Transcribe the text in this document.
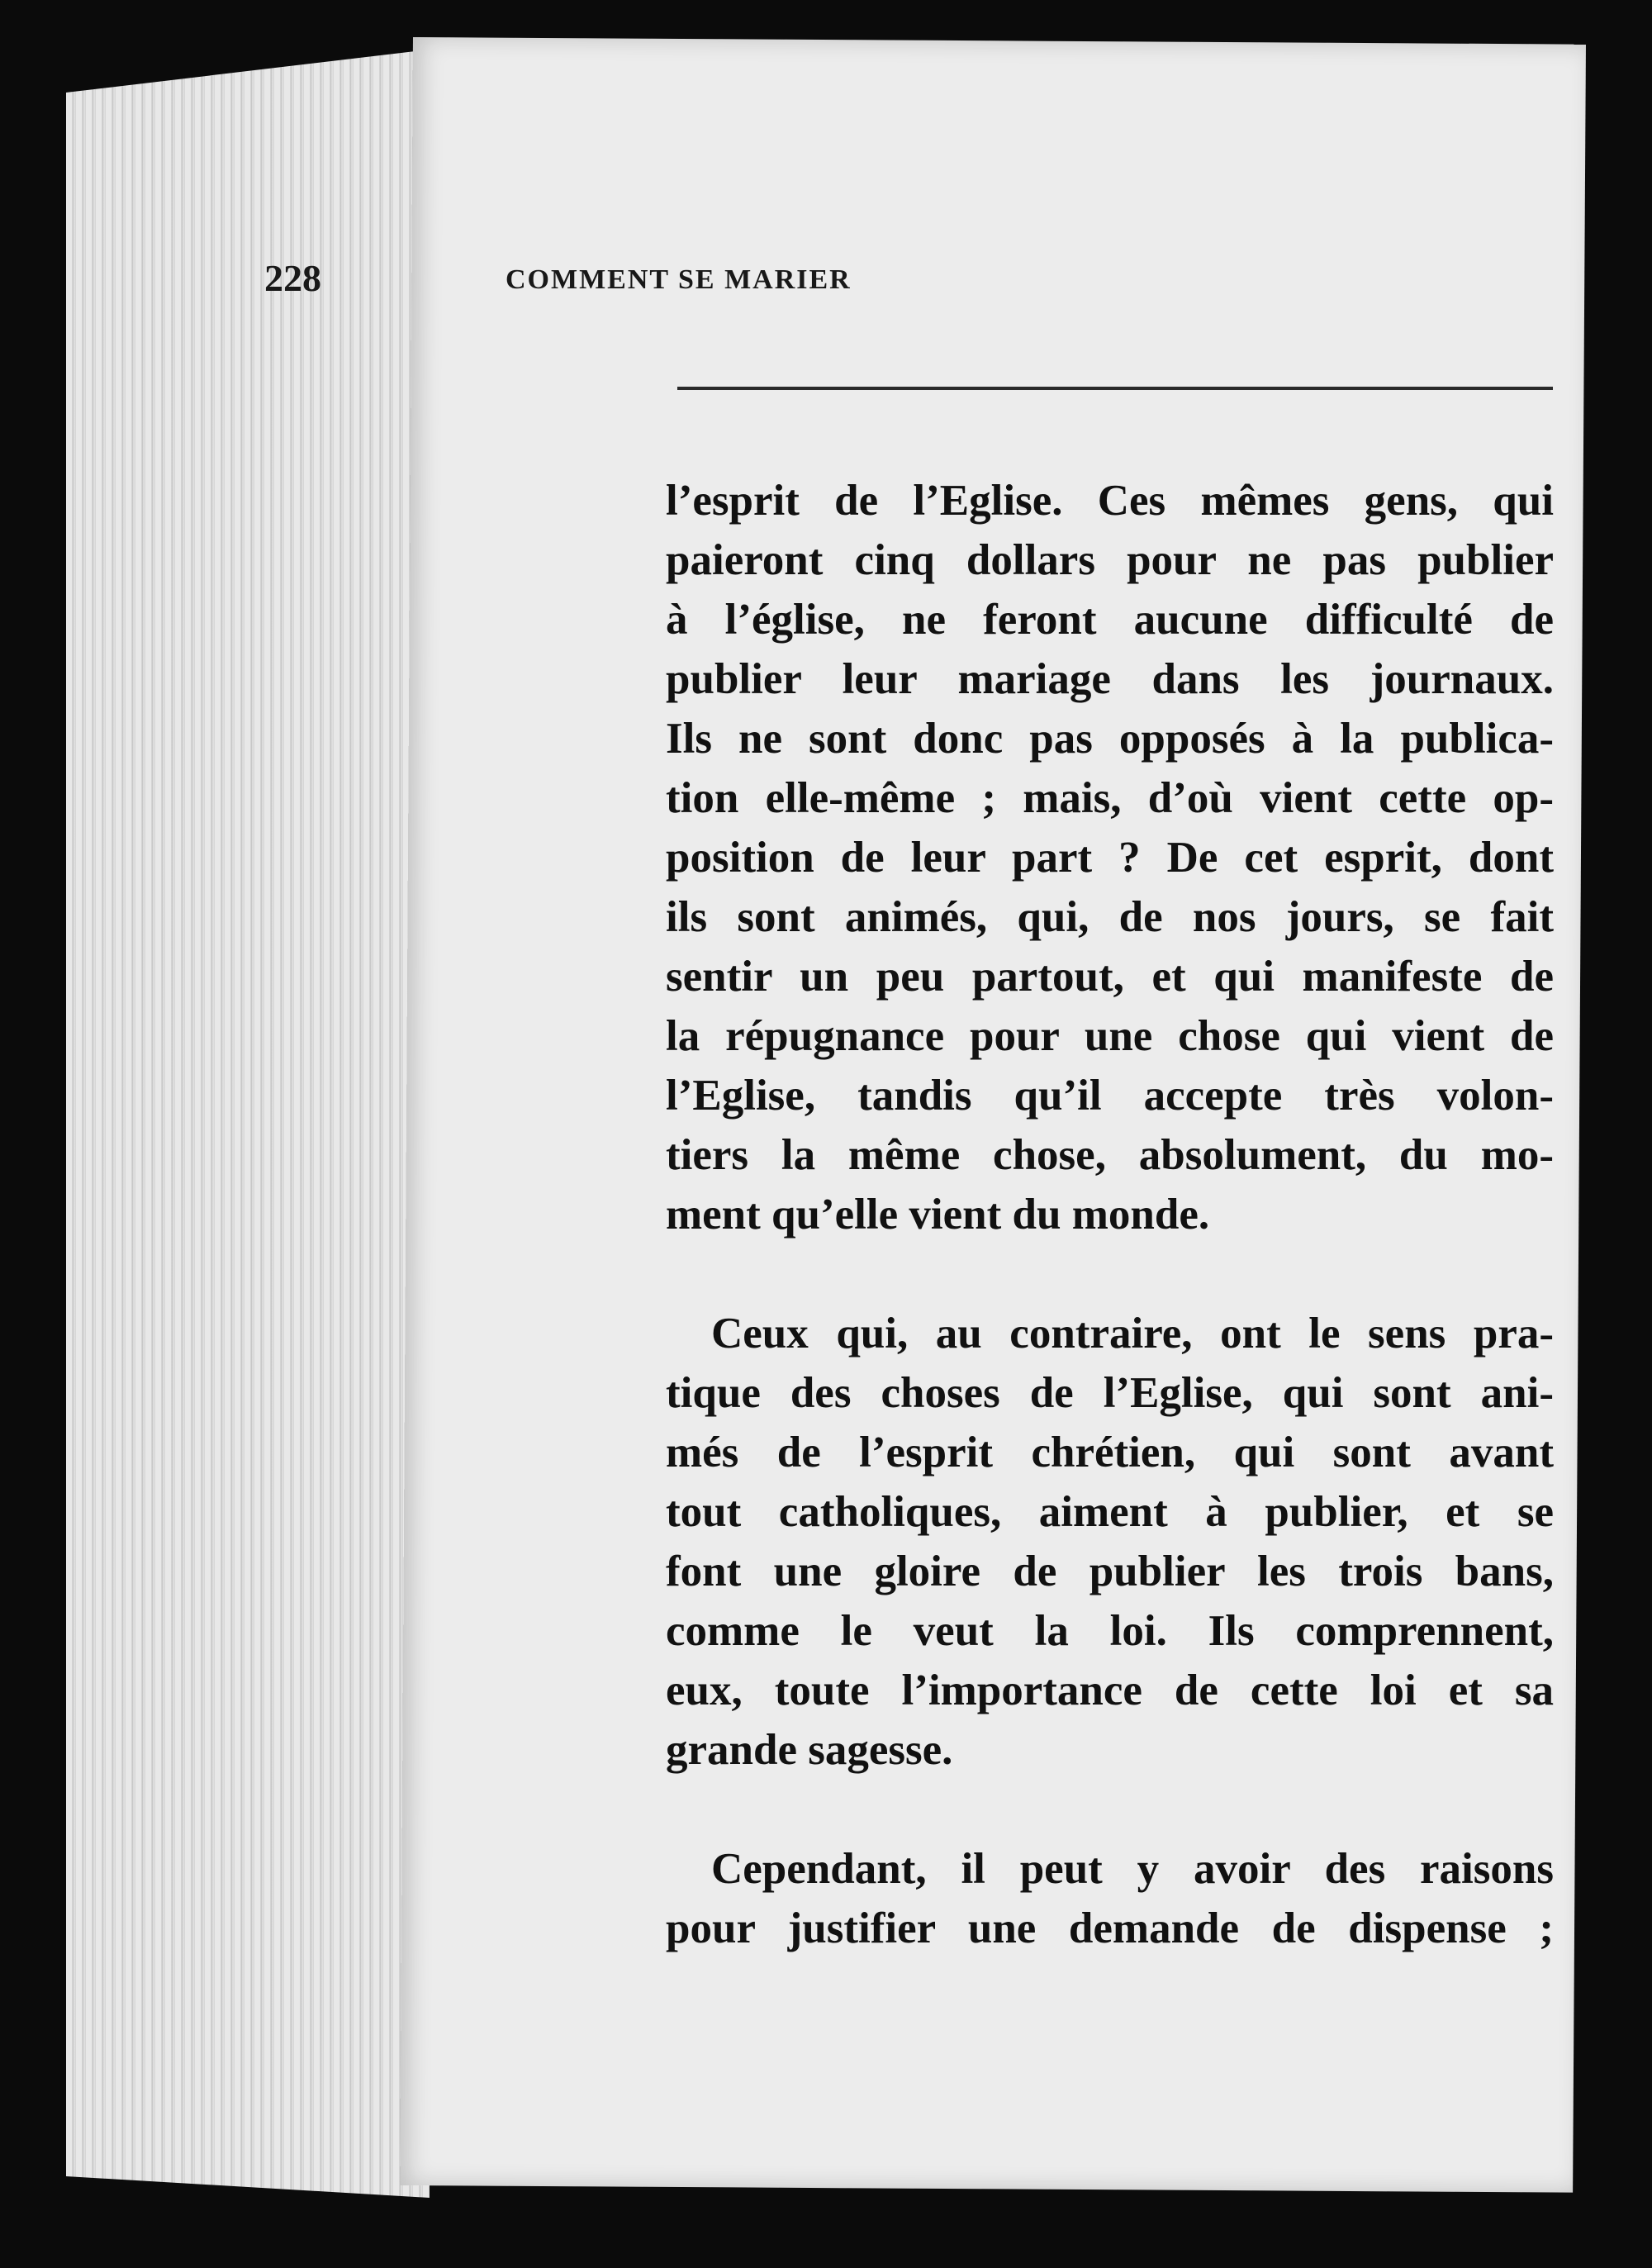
228	COMMENT SE MARIER
l’esprit de l’Eglise. Ces mêmes gens, qui
paieront cinq dollars pour ne pas publier
à l’église, ne feront aucune difficulté de
publier leur mariage dans les journaux.
Ils ne sont donc pas opposés à la publica-
tion elle-même ; mais, d’où vient cette op-
position de leur part ? De cet esprit, dont
ils sont animés, qui, de nos jours, se fait
sentir un peu partout, et qui manifeste de
la répugnance pour une chose qui vient de
l’Eglise, tandis qu’il accepte très volon-
tiers la même chose, absolument, du mo-
ment qu’elle vient du monde.
Ceux qui, au contraire, ont le sens pra-
tique des choses de l’Eglise, qui sont ani-
més de l’esprit chrétien, qui sont avant
tout catholiques, aiment à publier, et se
font une gloire de publier les trois bans,
comme le veut la loi. Ils comprennent,
eux, toute l’importance de cette loi et sa
grande sagesse.
Cependant, il peut y avoir des raisons
pour justifier une demande de dispense ;
